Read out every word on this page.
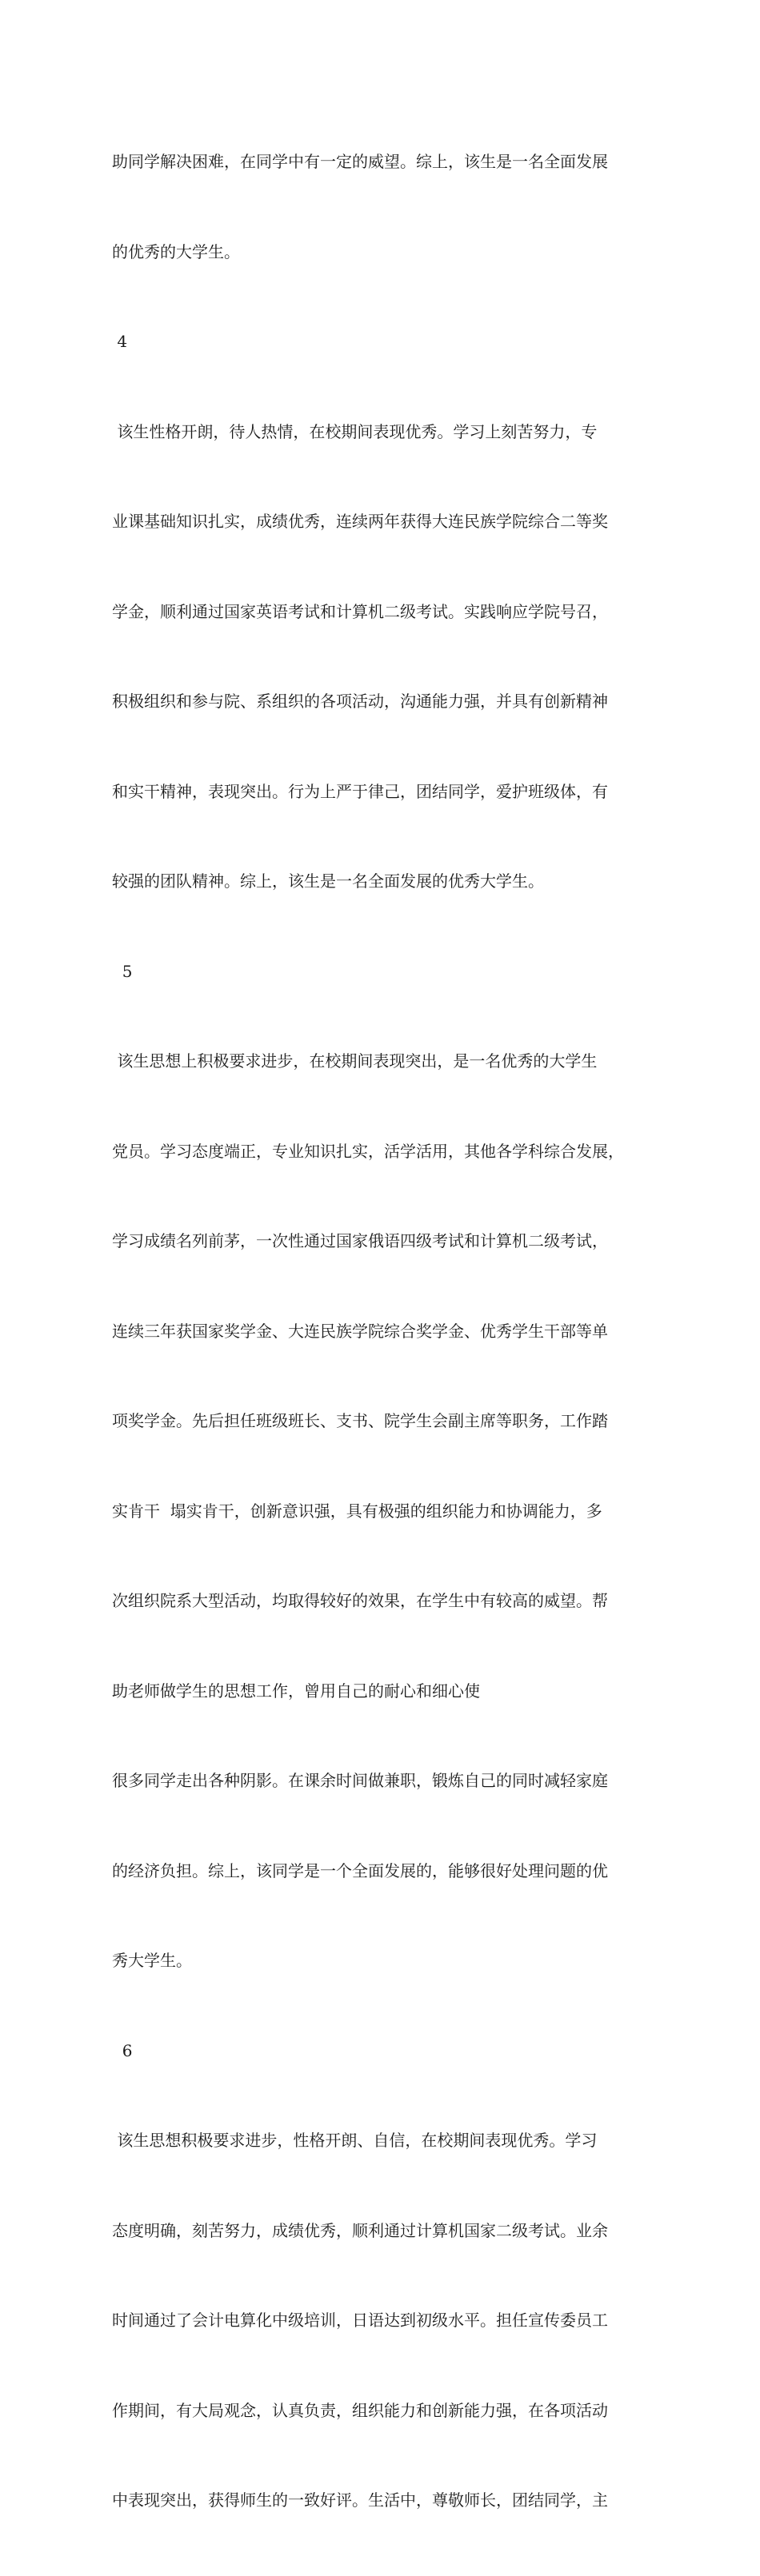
助同学解决困难，在同学中有一定的威望。综上，该生是一名全面发展

的优秀的大学生。

4

该生性格开朗，待人热情，在校期间表现优秀。学习上刻苦努力，专

业课基础知识扎实，成绩优秀，连续两年获得大连民族学院综合二等奖

学金，顺利通过国家英语考试和计算机二级考试。实践响应学院号召，

积极组织和参与院、系组织的各项活动，沟通能力强，并具有创新精神

和实干精神，表现突出。行为上严于律己，团结同学，爱护班级体，有

较强的团队精神。综上，该生是一名全面发展的优秀大学生。

5

该生思想上积极要求进步，在校期间表现突出，是一名优秀的大学生

党员。学习态度端正，专业知识扎实，活学活用，其他各学科综合发展，

学习成绩名列前茅，一次性通过国家俄语四级考试和计算机二级考试，

连续三年获国家奖学金、大连民族学院综合奖学金、优秀学生干部等单

项奖学金。先后担任班级班长、支书、院学生会副主席等职务，工作踏

实肯干  塌实肯干，创新意识强，具有极强的组织能力和协调能力，多

次组织院系大型活动，均取得较好的效果，在学生中有较高的威望。帮

助老师做学生的思想工作，曾用自己的耐心和细心使

很多同学走出各种阴影。在课余时间做兼职，锻炼自己的同时减轻家庭

的经济负担。综上，该同学是一个全面发展的，能够很好处理问题的优

秀大学生。

6

该生思想积极要求进步，性格开朗、自信，在校期间表现优秀。学习

态度明确，刻苦努力，成绩优秀，顺利通过计算机国家二级考试。业余

时间通过了会计电算化中级培训，日语达到初级水平。担任宣传委员工

作期间，有大局观念，认真负责，组织能力和创新能力强，在各项活动

中表现突出，获得师生的一致好评。生活中，尊敬师长，团结同学，主
